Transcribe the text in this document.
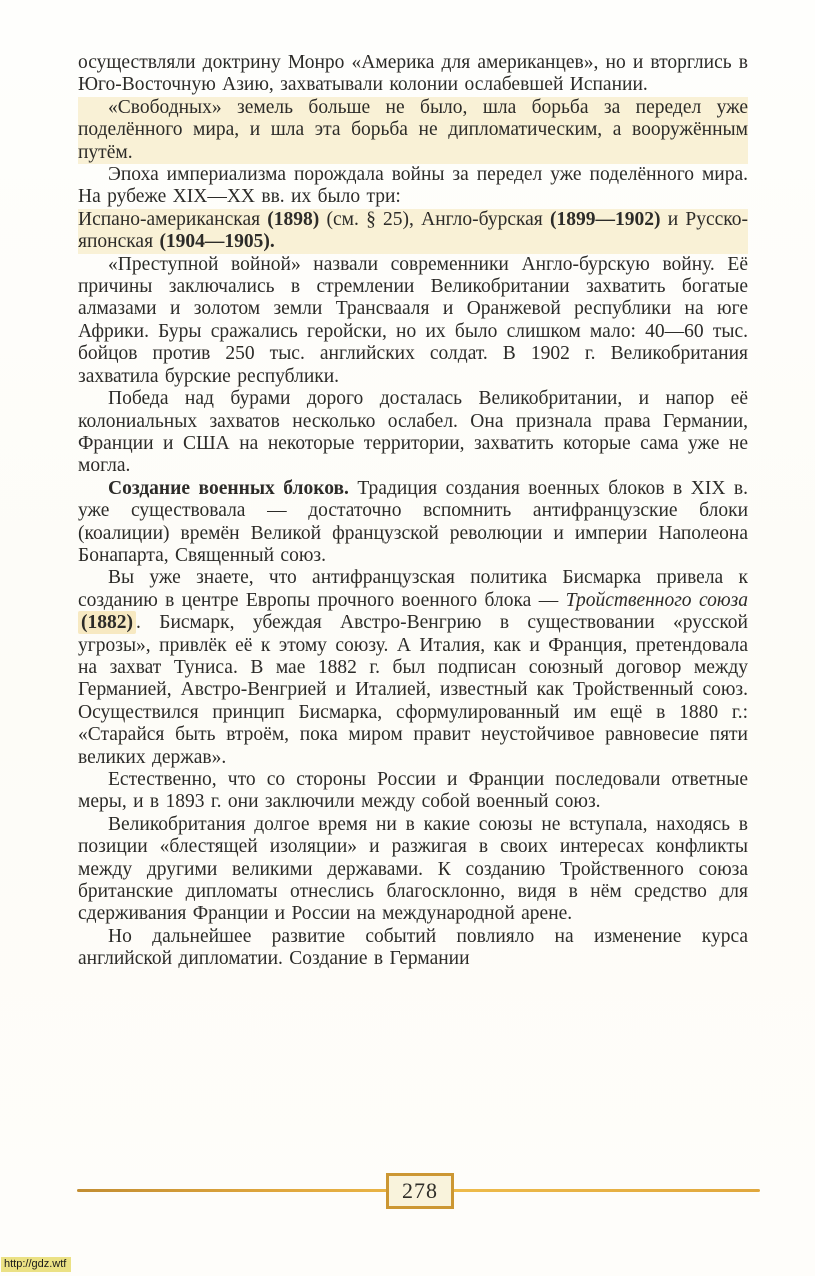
осуществляли доктрину Монро «Америка для американцев», но и вторглись в Юго-Восточную Азию, захватывали колонии ослабевшей Испании.

«Свободных» земель больше не было, шла борьба за передел уже поделённого мира, и шла эта борьба не дипломатическим, а вооружённым путём.

Эпоха империализма порождала войны за передел уже поделённого мира. На рубеже XIX—XX вв. их было три:

Испано-американская (1898) (см. § 25), Англо-бурская (1899—1902) и Русско-японская (1904—1905).

«Преступной войной» назвали современники Англо-бурскую войну. Её причины заключались в стремлении Великобритании захватить богатые алмазами и золотом земли Трансвааля и Оранжевой республики на юге Африки. Буры сражались геройски, но их было слишком мало: 40—60 тыс. бойцов против 250 тыс. английских солдат. В 1902 г. Великобритания захватила бурские республики.

Победа над бурами дорого досталась Великобритании, и напор её колониальных захватов несколько ослабел. Она признала права Германии, Франции и США на некоторые территории, захватить которые сама уже не могла.

Создание военных блоков. Традиция создания военных блоков в XIX в. уже существовала — достаточно вспомнить антифранцузские блоки (коалиции) времён Великой французской революции и империи Наполеона Бонапарта, Священный союз.

Вы уже знаете, что антифранцузская политика Бисмарка привела к созданию в центре Европы прочного военного блока — Тройственного союза (1882) . Бисмарк, убеждая Австро-Венгрию в существовании «русской угрозы», привлёк её к этому союзу. А Италия, как и Франция, претендовала на захват Туниса. В мае 1882 г. был подписан союзный договор между Германией, Австро-Венгрией и Италией, известный как Тройственный союз. Осуществился принцип Бисмарка, сформулированный им ещё в 1880 г.: «Старайся быть втроём, пока миром правит неустойчивое равновесие пяти великих держав».

Естественно, что со стороны России и Франции последовали ответные меры, и в 1893 г. они заключили между собой военный союз.

Великобритания долгое время ни в какие союзы не вступала, находясь в позиции «блестящей изоляции» и разжигая в своих интересах конфликты между другими великими державами. К созданию Тройственного союза британские дипломаты отнеслись благосклонно, видя в нём средство для сдерживания Франции и России на международной арене.

Но дальнейшее развитие событий повлияло на изменение курса английской дипломатии. Создание в Германии

278
http://gdz.wtf
